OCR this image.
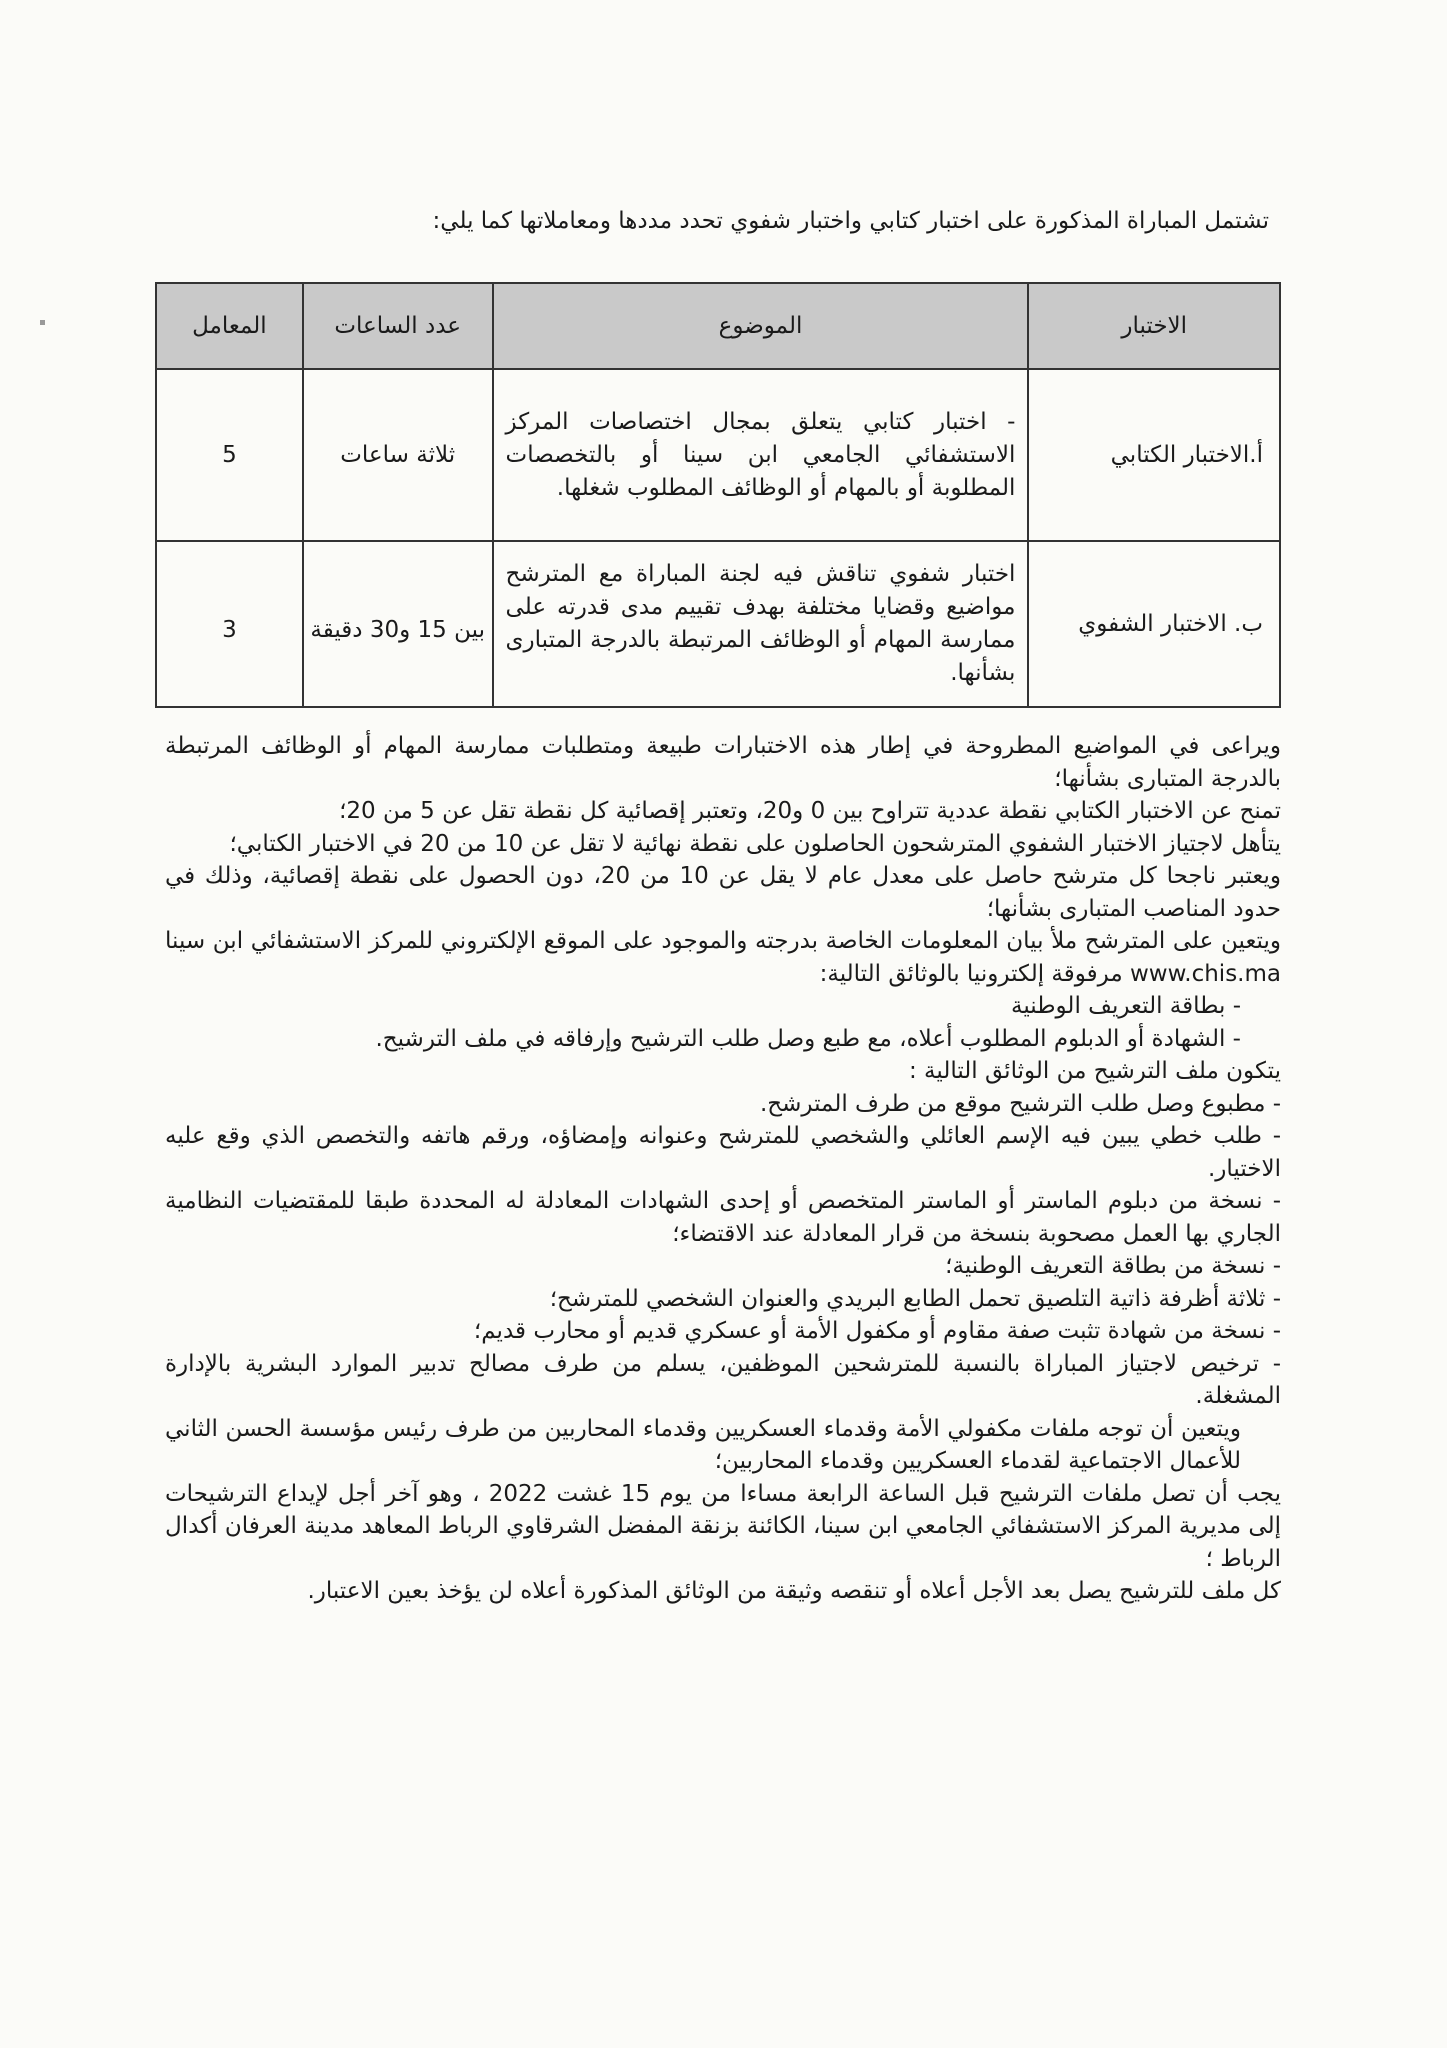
تشتمل المباراة المذكورة على اختبار كتابي واختبار شفوي تحدد مددها ومعاملاتها كما يلي:

الاختبار	الموضوع	عدد الساعات	المعامل
أ.الاختبار الكتابي	- اختبار كتابي يتعلق بمجال اختصاصات المركز الاستشفائي الجامعي ابن سينا أو بالتخصصات المطلوبة أو بالمهام أو الوظائف المطلوب شغلها.	ثلاثة ساعات	5
ب. الاختبار الشفوي	اختبار شفوي تناقش فيه لجنة المباراة مع المترشح مواضيع وقضايا مختلفة بهدف تقييم مدى قدرته على ممارسة المهام أو الوظائف المرتبطة بالدرجة المتبارى بشأنها.	بين 15 و30 دقيقة	3

ويراعى في المواضيع المطروحة في إطار هذه الاختبارات طبيعة ومتطلبات ممارسة المهام أو الوظائف المرتبطة بالدرجة المتبارى بشأنها؛

تمنح عن الاختبار الكتابي نقطة عددية تتراوح بين 0 و20، وتعتبر إقصائية كل نقطة تقل عن 5 من 20؛

يتأهل لاجتياز الاختبار الشفوي المترشحون الحاصلون على نقطة نهائية لا تقل عن 10 من 20 في الاختبار الكتابي؛

ويعتبر ناجحا كل مترشح حاصل على معدل عام لا يقل عن 10 من 20، دون الحصول على نقطة إقصائية، وذلك في حدود المناصب المتبارى بشأنها؛

ويتعين على المترشح ملأ بيان المعلومات الخاصة بدرجته والموجود على الموقع الإلكتروني للمركز الاستشفائي ابن سينا www.chis.ma مرفوقة إلكترونيا بالوثائق التالية:

- بطاقة التعريف الوطنية

- الشهادة أو الدبلوم المطلوب أعلاه، مع طبع وصل طلب الترشيح وإرفاقه في ملف الترشيح.

يتكون ملف الترشيح من الوثائق التالية :

- مطبوع وصل طلب الترشيح موقع من طرف المترشح.

- طلب خطي يبين فيه الإسم العائلي والشخصي للمترشح وعنوانه وإمضاؤه، ورقم هاتفه والتخصص الذي وقع عليه الاختيار.

- نسخة من دبلوم الماستر أو الماستر المتخصص أو إحدى الشهادات المعادلة له المحددة طبقا للمقتضيات النظامية الجاري بها العمل مصحوبة بنسخة من قرار المعادلة عند الاقتضاء؛

- نسخة من بطاقة التعريف الوطنية؛

- ثلاثة أظرفة ذاتية التلصيق تحمل الطابع البريدي والعنوان الشخصي للمترشح؛

- نسخة من شهادة تثبت صفة مقاوم أو مكفول الأمة أو عسكري قديم أو محارب قديم؛

- ترخيص لاجتياز المباراة بالنسبة للمترشحين الموظفين، يسلم من طرف مصالح تدبير الموارد البشرية بالإدارة المشغلة.

ويتعين أن توجه ملفات مكفولي الأمة وقدماء العسكريين وقدماء المحاربين من طرف رئيس مؤسسة الحسن الثاني للأعمال الاجتماعية لقدماء العسكريين وقدماء المحاربين؛

يجب أن تصل ملفات الترشيح قبل الساعة الرابعة مساءا من يوم 15 غشت 2022 ، وهو آخر أجل لإيداع الترشيحات إلى مديرية المركز الاستشفائي الجامعي ابن سينا، الكائنة بزنقة المفضل الشرقاوي الرباط المعاهد مدينة العرفان أكدال الرباط ؛

كل ملف للترشيح يصل بعد الأجل أعلاه أو تنقصه وثيقة من الوثائق المذكورة أعلاه لن يؤخذ بعين الاعتبار.
